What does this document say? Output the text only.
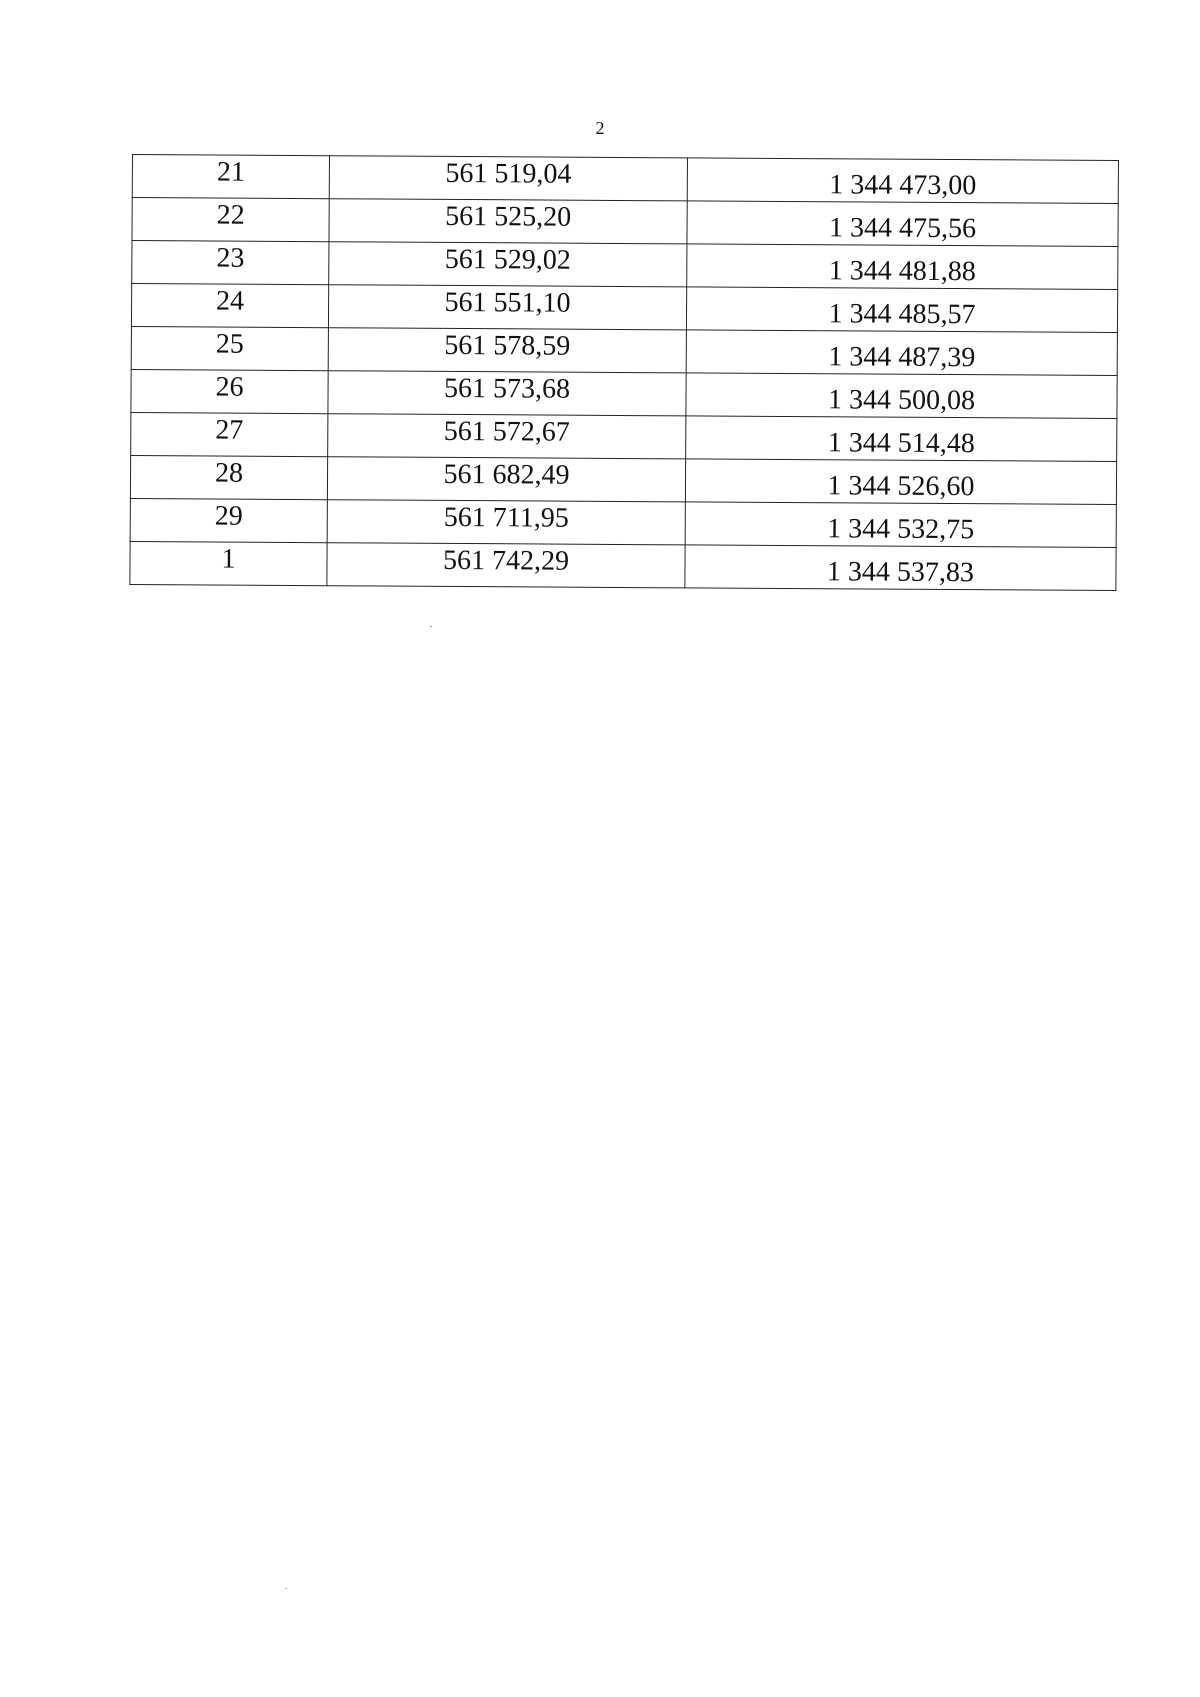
2
21	561 519,04	1 344 473,00
22	561 525,20	1 344 475,56
23	561 529,02	1 344 481,88
24	561 551,10	1 344 485,57
25	561 578,59	1 344 487,39
26	561 573,68	1 344 500,08
27	561 572,67	1 344 514,48
28	561 682,49	1 344 526,60
29	561 711,95	1 344 532,75
1	561 742,29	1 344 537,83
